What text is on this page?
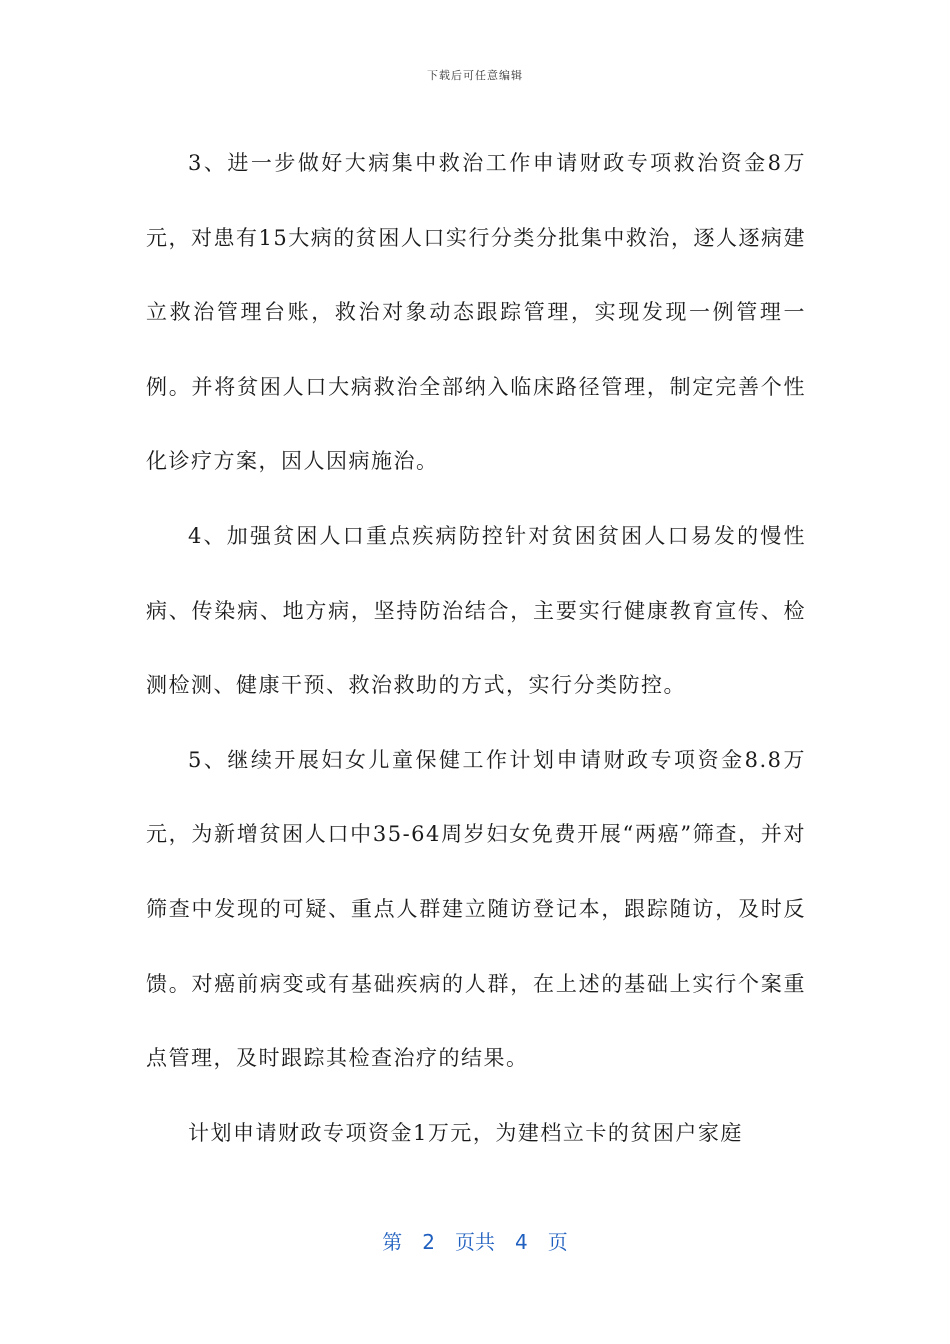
下载后可任意编辑

3、进一步做好大病集中救治工作申请财政专项救治资金8万元，对患有15大病的贫困人口实行分类分批集中救治，逐人逐病建立救治管理台账，救治对象动态跟踪管理，实现发现一例管理一例。并将贫困人口大病救治全部纳入临床路径管理，制定完善个性化诊疗方案，因人因病施治。

4、加强贫困人口重点疾病防控针对贫困贫困人口易发的慢性病、传染病、地方病，坚持防治结合，主要实行健康教育宣传、检测检测、健康干预、救治救助的方式，实行分类防控。

5、继续开展妇女儿童保健工作计划申请财政专项资金8.8万元，为新增贫困人口中35-64周岁妇女免费开展“两癌”筛查，并对筛查中发现的可疑、重点人群建立随访登记本，跟踪随访，及时反馈。对癌前病变或有基础疾病的人群，在上述的基础上实行个案重点管理，及时跟踪其检查治疗的结果。

计划申请财政专项资金1万元，为建档立卡的贫困户家庭

第　2　页共　4　页
